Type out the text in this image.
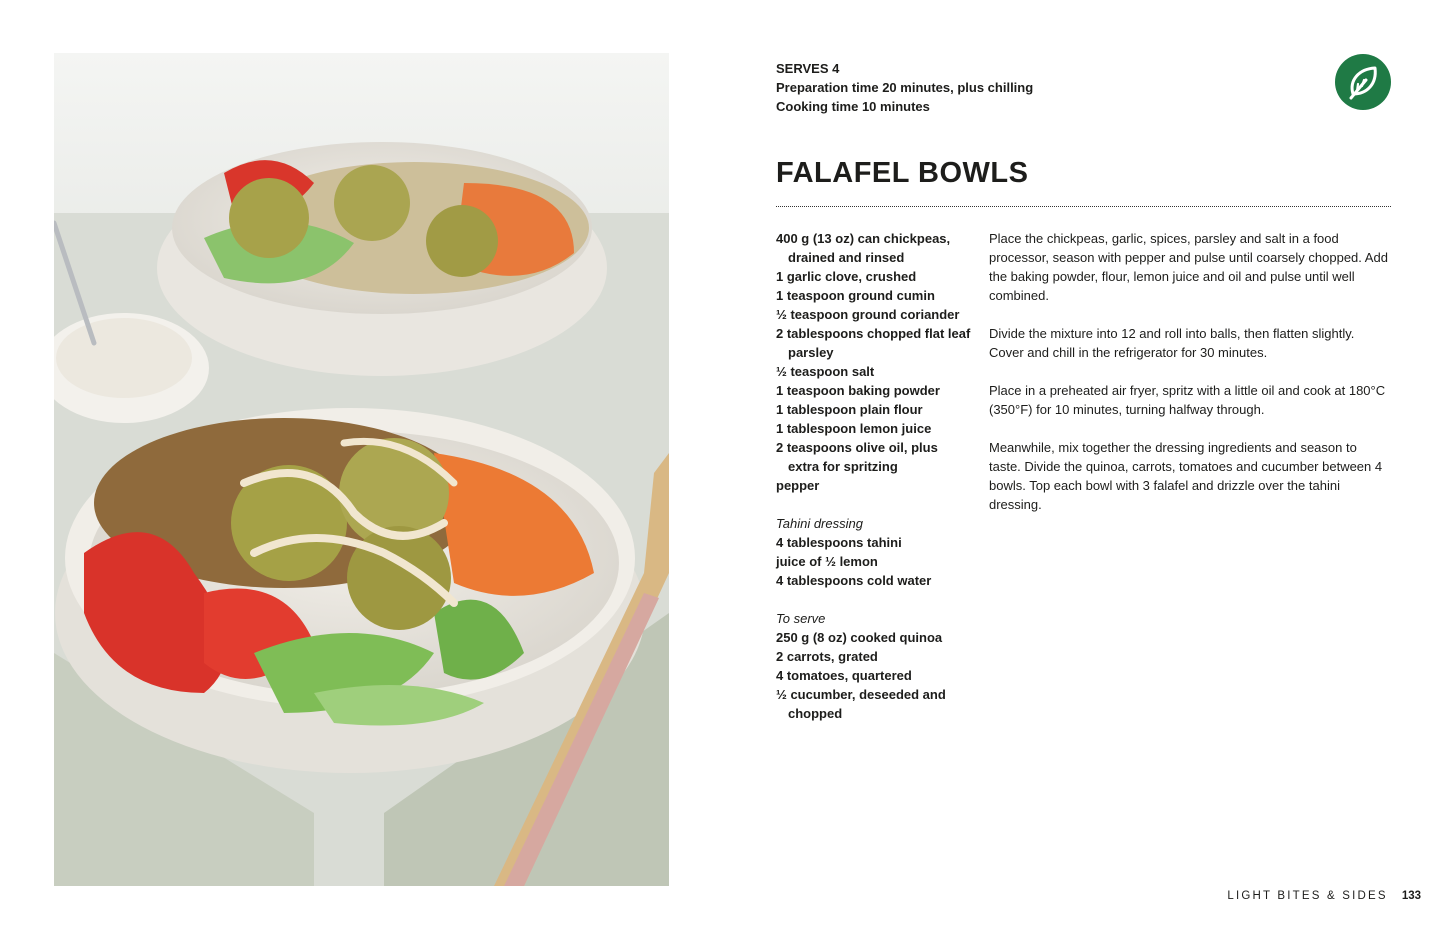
SERVES 4
Preparation time 20 minutes, plus chilling
Cooking time 10 minutes
FALAFEL BOWLS
400 g (13 oz) can chickpeas, drained and rinsed
1 garlic clove, crushed
1 teaspoon ground cumin
½ teaspoon ground coriander
2 tablespoons chopped flat leaf parsley
½ teaspoon salt
1 teaspoon baking powder
1 tablespoon plain flour
1 tablespoon lemon juice
2 teaspoons olive oil, plus extra for spritzing
pepper
Tahini dressing
4 tablespoons tahini
juice of ½ lemon
4 tablespoons cold water
To serve
250 g (8 oz) cooked quinoa
2 carrots, grated
4 tomatoes, quartered
½ cucumber, deseeded and chopped

Place the chickpeas, garlic, spices, parsley and salt in a food processor, season with pepper and pulse until coarsely chopped. Add the baking powder, flour, lemon juice and oil and pulse until well combined.

Divide the mixture into 12 and roll into balls, then flatten slightly. Cover and chill in the refrigerator for 30 minutes.

Place in a preheated air fryer, spritz with a little oil and cook at 180°C (350°F) for 10 minutes, turning halfway through.

Meanwhile, mix together the dressing ingredients and season to taste. Divide the quinoa, carrots, tomatoes and cucumber between 4 bowls. Top each bowl with 3 falafel and drizzle over the tahini dressing.

LIGHT BITES & SIDES 133
